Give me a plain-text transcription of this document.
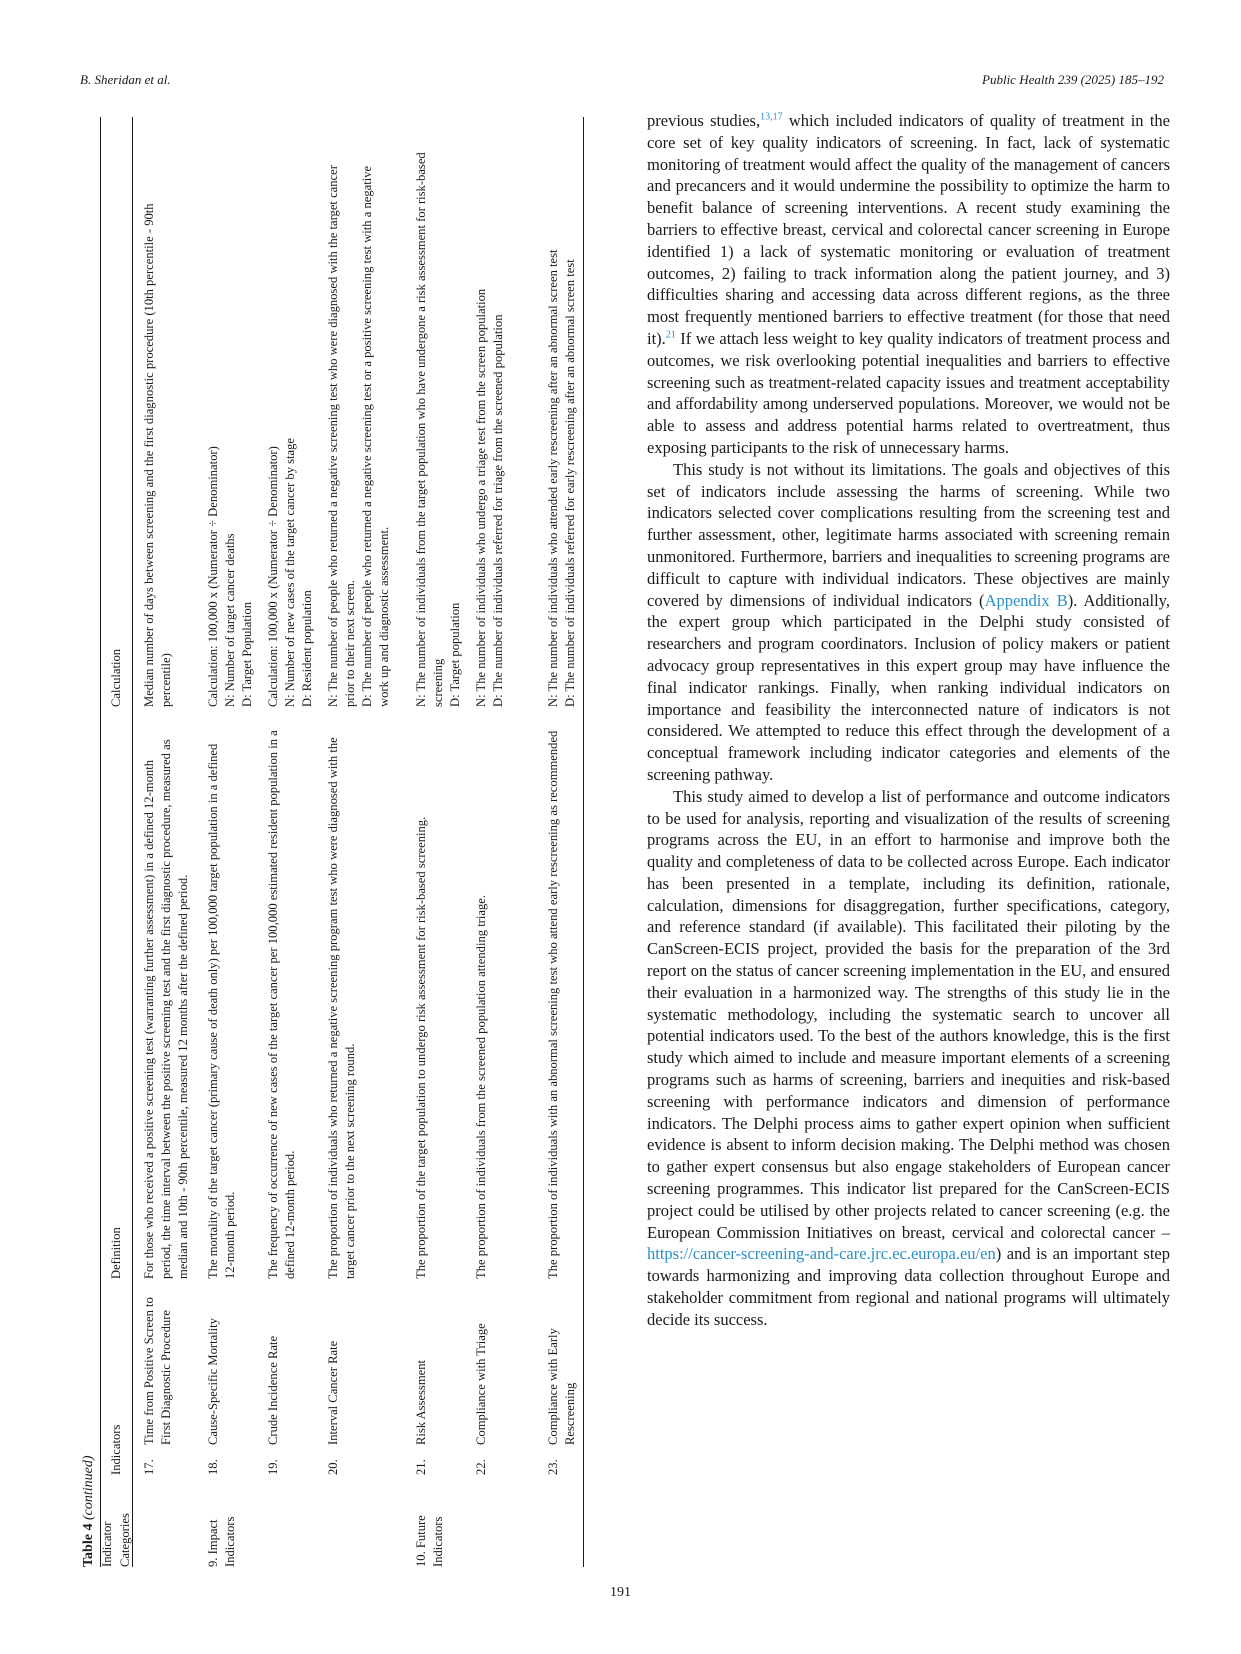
B. Sheridan et al.	Public Health 239 (2025) 185–192
Table 4 (continued)
Indicator Categories
Indicators
Definition
Calculation
17.
Time from Positive Screen to First Diagnostic Procedure
For those who received a positive screening test (warranting further assessment) in a defined 12-month period, the time interval between the positive screening test and the first diagnostic procedure, measured as median and 10th - 90th percentile, measured 12 months after the defined period.
Median number of days between screening and the first diagnostic procedure (10th percentile - 90th percentile)
9. Impact Indicators
18.
Cause-Specific Mortality
The mortality of the target cancer (primary cause of death only) per 100,000 target population in a defined 12-month period.
Calculation: 100,000 x (Numerator ÷ Denominator) N: Number of target cancer deaths D: Target Population
19.
Crude Incidence Rate
The frequency of occurrence of new cases of the target cancer per 100,000 estimated resident population in a defined 12-month period.
Calculation: 100,000 x (Numerator ÷ Denominator) N: Number of new cases of the target cancer by stage D: Resident population
20.
Interval Cancer Rate
The proportion of individuals who returned a negative screening program test who were diagnosed with the target cancer prior to the next screening round.
N: The number of people who returned a negative screening test who were diagnosed with the target cancer prior to their next screen. D: The number of people who returned a negative screening test or a positive screening test with a negative work up and diagnostic assessment.
10. Future Indicators
21.
Risk Assessment
The proportion of the target population to undergo risk assessment for risk-based screening.
N: The number of individuals from the target population who have undergone a risk assessment for risk-based screening D: Target population
22.
Compliance with Triage
The proportion of individuals from the screened population attending triage.
N: The number of individuals who undergo a triage test from the screen population D: The number of individuals referred for triage from the screened population
23.
Compliance with Early Rescreening
The proportion of individuals with an abnormal screening test who attend early rescreening as recommended
N: The number of individuals who attended early rescreening after an abnormal screen test D: The number of individuals referred for early rescreening after an abnormal screen test

previous studies,$^{13,17}$ which included indicators of quality of treatment in the core set of key quality indicators of screening. In fact, lack of systematic monitoring of treatment would affect the quality of the management of cancers and precancers and it would undermine the possibility to optimize the harm to benefit balance of screening interventions. A recent study examining the barriers to effective breast, cervical and colorectal cancer screening in Europe identified 1) a lack of systematic monitoring or evaluation of treatment outcomes, 2) failing to track information along the patient journey, and 3) difficulties sharing and accessing data across different regions, as the three most frequently mentioned barriers to effective treatment (for those that need it).$^{21}$ If we attach less weight to key quality indicators of treatment process and outcomes, we risk overlooking potential inequalities and barriers to effective screening such as treatment-related capacity issues and treatment acceptability and affordability among underserved populations. Moreover, we would not be able to assess and address potential harms related to overtreatment, thus exposing participants to the risk of unnecessary harms.

This study is not without its limitations. The goals and objectives of this set of indicators include assessing the harms of screening. While two indicators selected cover complications resulting from the screening test and further assessment, other, legitimate harms associated with screening remain unmonitored. Furthermore, barriers and inequalities to screening programs are difficult to capture with individual indicators. These objectives are mainly covered by dimensions of individual indicators (Appendix B). Additionally, the expert group which participated in the Delphi study consisted of researchers and program coordinators. Inclusion of policy makers or patient advocacy group representatives in this expert group may have influence the final indicator rankings. Finally, when ranking individual indicators on importance and feasibility the interconnected nature of indicators is not considered. We attempted to reduce this effect through the development of a conceptual framework including indicator categories and elements of the screening pathway.

This study aimed to develop a list of performance and outcome indicators to be used for analysis, reporting and visualization of the results of screening programs across the EU, in an effort to harmonise and improve both the quality and completeness of data to be collected across Europe. Each indicator has been presented in a template, including its definition, rationale, calculation, dimensions for disaggregation, further specifications, category, and reference standard (if available). This facilitated their piloting by the CanScreen-ECIS project, provided the basis for the preparation of the 3rd report on the status of cancer screening implementation in the EU, and ensured their evaluation in a harmonized way. The strengths of this study lie in the systematic methodology, including the systematic search to uncover all potential indicators used. To the best of the authors knowledge, this is the first study which aimed to include and measure important elements of a screening programs such as harms of screening, barriers and inequities and risk-based screening with performance indicators and dimension of performance indicators. The Delphi process aims to gather expert opinion when sufficient evidence is absent to inform decision making. The Delphi method was chosen to gather expert consensus but also engage stakeholders of European cancer screening programmes. This indicator list prepared for the CanScreen-ECIS project could be utilised by other projects related to cancer screening (e.g. the European Commission Initiatives on breast, cervical and colorectal cancer – https://cancer-screening-and-care.jrc.ec.europa.eu/en) and is an important step towards harmonizing and improving data collection throughout Europe and stakeholder commitment from regional and national programs will ultimately decide its success.

191
